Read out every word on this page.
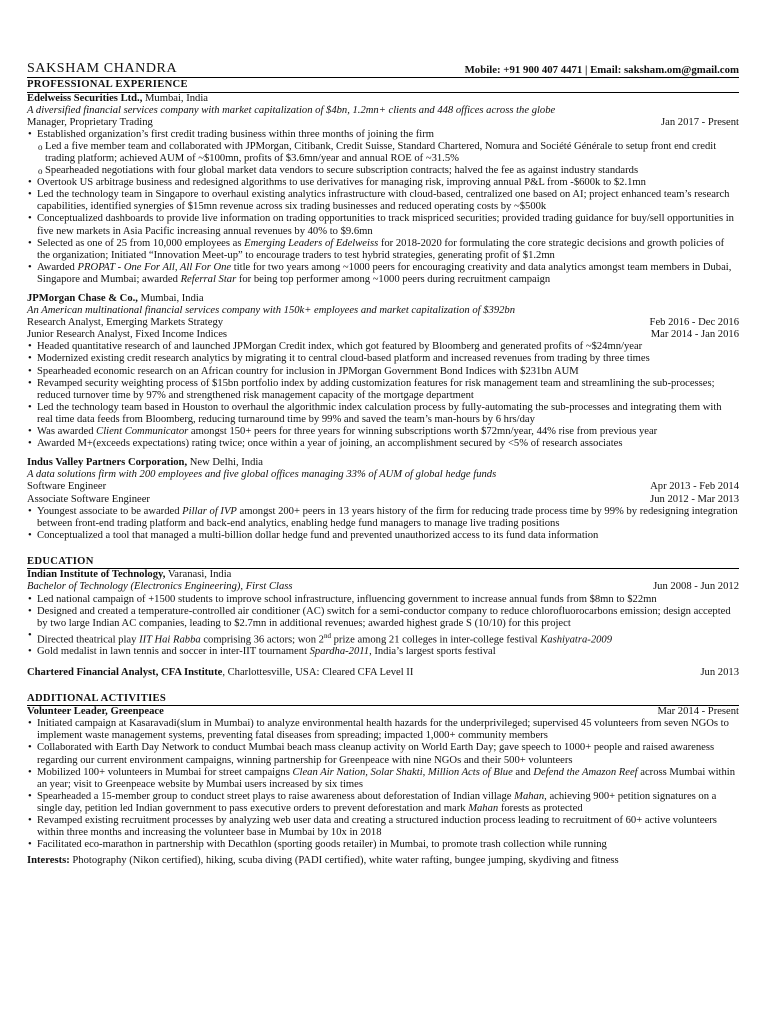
SAKSHAM CHANDRA	Mobile: +91 900 407 4471 | Email: saksham.om@gmail.com
PROFESSIONAL EXPERIENCE
Edelweiss Securities Ltd., Mumbai, India
A diversified financial services company with market capitalization of $4bn, 1.2mn+ clients and 448 offices across the globe
Manager, Proprietary Trading	Jan 2017 - Present
• Established organization’s first credit trading business within three months of joining the firm
o Led a five member team and collaborated with JPMorgan, Citibank, Credit Suisse, Standard Chartered, Nomura and Société Générale to setup front end credit trading platform; achieved AUM of ~$100mn, profits of $3.6mn/year and annual ROE of ~31.5%
o Spearheaded negotiations with four global market data vendors to secure subscription contracts; halved the fee as against industry standards
• Overtook US arbitrage business and redesigned algorithms to use derivatives for managing risk, improving annual P&L from -$600k to $2.1mn
• Led the technology team in Singapore to overhaul existing analytics infrastructure with cloud-based, centralized one based on AI; project enhanced team’s research capabilities, identified synergies of $15mn revenue across six trading businesses and reduced operating costs by ~$500k
• Conceptualized dashboards to provide live information on trading opportunities to track mispriced securities; provided trading guidance for buy/sell opportunities in five new markets in Asia Pacific increasing annual revenues by 40% to $9.6mn
• Selected as one of 25 from 10,000 employees as Emerging Leaders of Edelweiss for 2018-2020 for formulating the core strategic decisions and growth policies of the organization; Initiated “Innovation Meet-up” to encourage traders to test hybrid strategies, generating profit of $1.2mn
• Awarded PROPAT - One For All, All For One title for two years among ~1000 peers for encouraging creativity and data analytics amongst team members in Dubai, Singapore and Mumbai; awarded Referral Star for being top performer among ~1000 peers during recruitment campaign
JPMorgan Chase & Co., Mumbai, India
An American multinational financial services company with 150k+ employees and market capitalization of $392bn
Research Analyst, Emerging Markets Strategy	Feb 2016 - Dec 2016
Junior Research Analyst, Fixed Income Indices	Mar 2014 - Jan 2016
• Headed quantitative research of and launched JPMorgan Credit index, which got featured by Bloomberg and generated profits of ~$24mn/year
• Modernized existing credit research analytics by migrating it to central cloud-based platform and increased revenues from trading by three times
• Spearheaded economic research on an African country for inclusion in JPMorgan Government Bond Indices with $231bn AUM
• Revamped security weighting process of $15bn portfolio index by adding customization features for risk management team and streamlining the sub-processes; reduced turnover time by 97% and strengthened risk management capacity of the mortgage department
• Led the technology team based in Houston to overhaul the algorithmic index calculation process by fully-automating the sub-processes and integrating them with real time data feeds from Bloomberg, reducing turnaround time by 99% and saved the team’s man-hours by 6 hrs/day
• Was awarded Client Communicator amongst 150+ peers for three years for winning subscriptions worth $72mn/year, 44% rise from previous year
• Awarded M+(exceeds expectations) rating twice; once within a year of joining, an accomplishment secured by <5% of research associates
Indus Valley Partners Corporation, New Delhi, India
A data solutions firm with 200 employees and five global offices managing 33% of AUM of global hedge funds
Software Engineer	Apr 2013 - Feb 2014
Associate Software Engineer	Jun 2012 - Mar 2013
• Youngest associate to be awarded Pillar of IVP amongst 200+ peers in 13 years history of the firm for reducing trade process time by 99% by redesigning integration between front-end trading platform and back-end analytics, enabling hedge fund managers to manage live trading positions
• Conceptualized a tool that managed a multi-billion dollar hedge fund and prevented unauthorized access to its fund data information
EDUCATION
Indian Institute of Technology, Varanasi, India
Bachelor of Technology (Electronics Engineering), First Class	Jun 2008 - Jun 2012
• Led national campaign of +1500 students to improve school infrastructure, influencing government to increase annual funds from $8mn to $22mn
• Designed and created a temperature-controlled air conditioner (AC) switch for a semi-conductor company to reduce chlorofluorocarbons emission; design accepted by two large Indian AC companies, leading to $2.7mn in additional revenues; awarded highest grade S (10/10) for this project
• Directed theatrical play IIT Hai Rabba comprising 36 actors; won 2nd prize among 21 colleges in inter-college festival Kashiyatra-2009
• Gold medalist in lawn tennis and soccer in inter-IIT tournament Spardha-2011, India’s largest sports festival
Chartered Financial Analyst, CFA Institute, Charlottesville, USA: Cleared CFA Level II	Jun 2013
ADDITIONAL ACTIVITIES
Volunteer Leader, Greenpeace	Mar 2014 - Present
• Initiated campaign at Kasaravadi(slum in Mumbai) to analyze environmental health hazards for the underprivileged; supervised 45 volunteers from seven NGOs to implement waste management systems, preventing fatal diseases from spreading; impacted 1,000+ community members
• Collaborated with Earth Day Network to conduct Mumbai beach mass cleanup activity on World Earth Day; gave speech to 1000+ people and raised awareness regarding our current environment campaigns, winning partnership for Greenpeace with nine NGOs and their 500+ volunteers
• Mobilized 100+ volunteers in Mumbai for street campaigns Clean Air Nation, Solar Shakti, Million Acts of Blue and Defend the Amazon Reef across Mumbai within an year; visit to Greenpeace website by Mumbai users increased by six times
• Spearheaded a 15-member group to conduct street plays to raise awareness about deforestation of Indian village Mahan, achieving 900+ petition signatures on a single day, petition led Indian government to pass executive orders to prevent deforestation and mark Mahan forests as protected
• Revamped existing recruitment processes by analyzing web user data and creating a structured induction process leading to recruitment of 60+ active volunteers within three months and increasing the volunteer base in Mumbai by 10x in 2018
• Facilitated eco-marathon in partnership with Decathlon (sporting goods retailer) in Mumbai, to promote trash collection while running
Interests: Photography (Nikon certified), hiking, scuba diving (PADI certified), white water rafting, bungee jumping, skydiving and fitness
